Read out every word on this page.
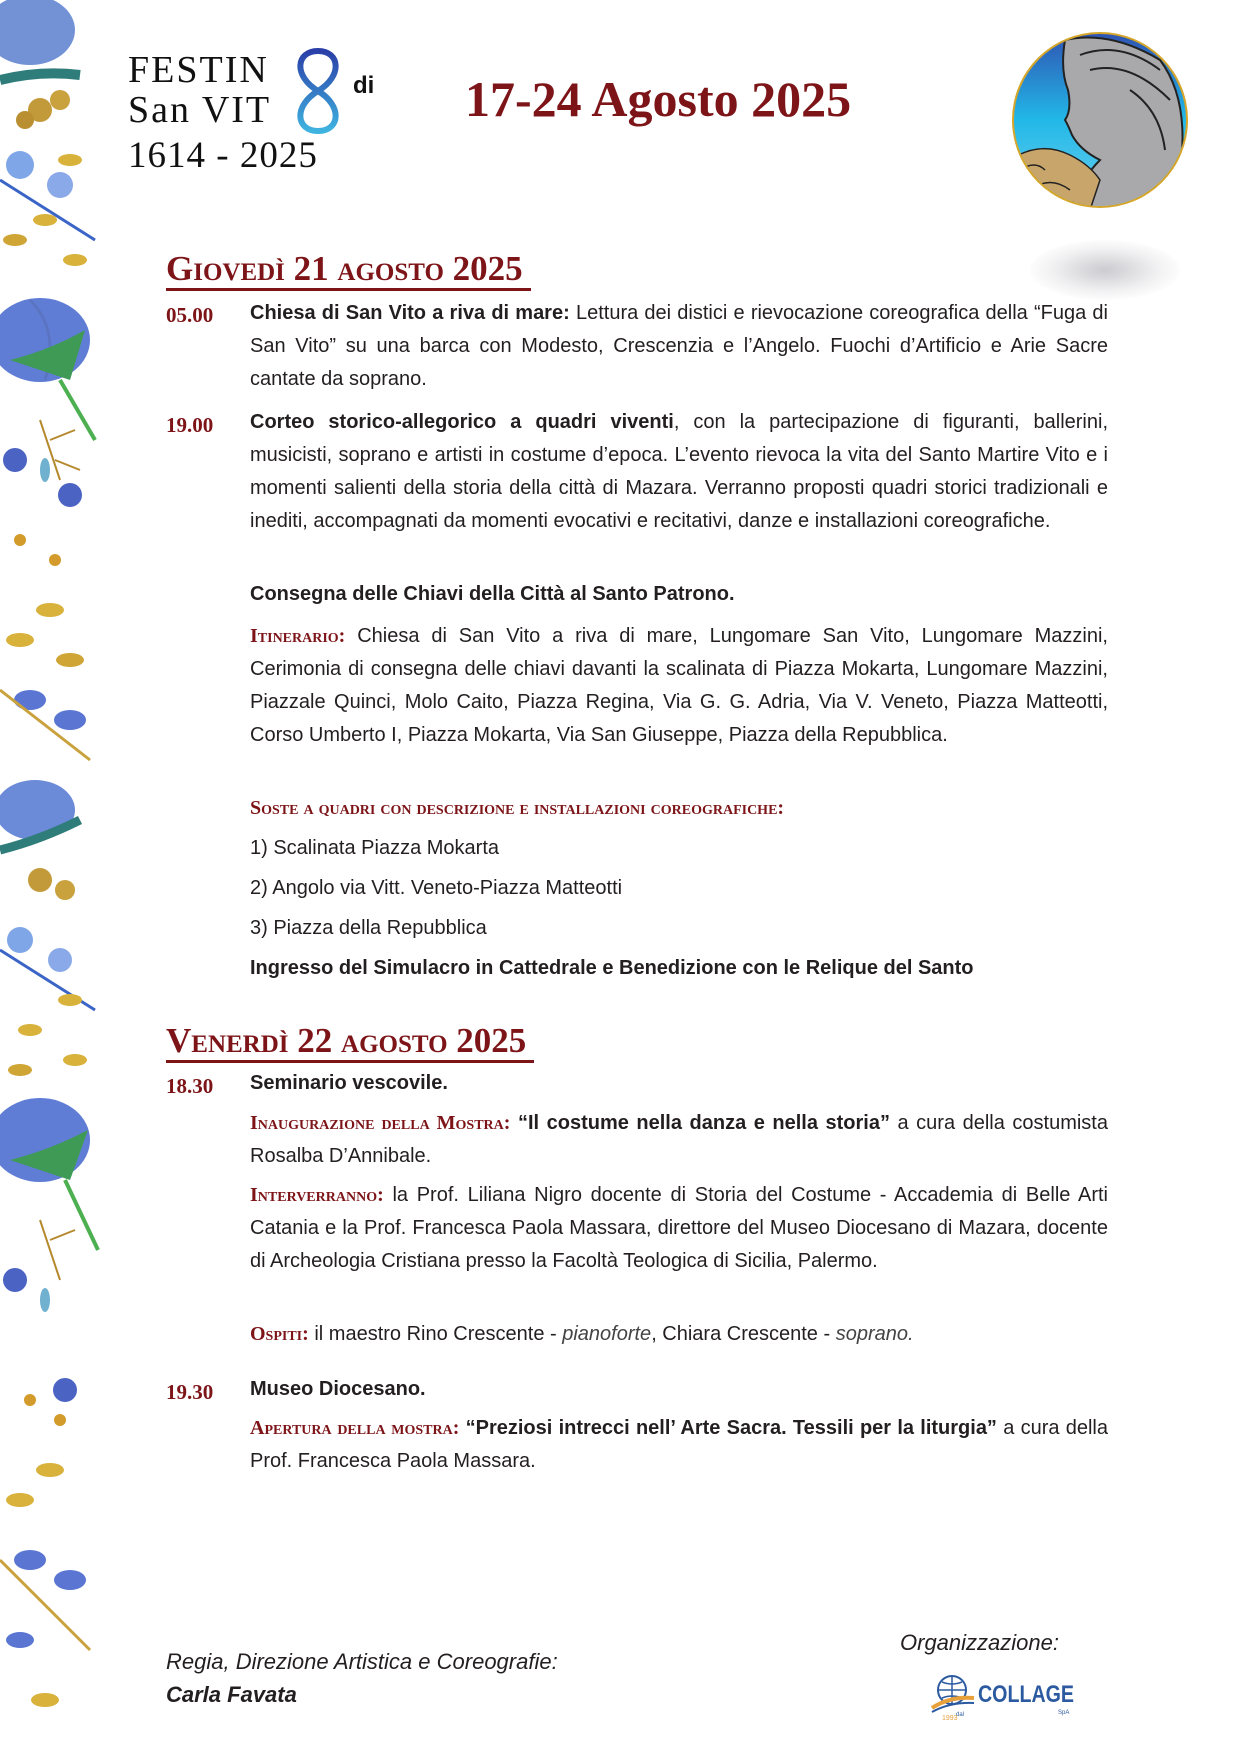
FESTIN
San VIT
di
1614 - 2025
17-24 Agosto 2025
Giovedì 21 agosto 2025
05.00 Chiesa di San Vito a riva di mare: Lettura dei distici e rievocazione coreografica della “Fuga di San Vito” su una barca con Modesto, Crescenzia e l’Angelo. Fuochi d’Artificio e Arie Sacre cantate da soprano.
19.00 Corteo storico-allegorico a quadri viventi, con la partecipazione di figuranti, ballerini, musicisti, soprano e artisti in costume d’epoca. L’evento rievoca la vita del Santo Martire Vito e i momenti salienti della storia della città di Mazara. Verranno proposti quadri storici tradizionali e inediti, accompagnati da momenti evocativi e recitativi, danze e installazioni coreografiche.
Consegna delle Chiavi della Città al Santo Patrono.
Itinerario: Chiesa di San Vito a riva di mare, Lungomare San Vito, Lungomare Mazzini, Cerimonia di consegna delle chiavi davanti la scalinata di Piazza Mokarta, Lungomare Mazzini, Piazzale Quinci, Molo Caito, Piazza Regina, Via G. G. Adria, Via V. Veneto, Piazza Matteotti, Corso Umberto I, Piazza Mokarta, Via San Giuseppe, Piazza della Repubblica.
Soste a quadri con descrizione e installazioni coreografiche:
1) Scalinata Piazza Mokarta
2) Angolo via Vitt. Veneto-Piazza Matteotti
3) Piazza della Repubblica
Ingresso del Simulacro in Cattedrale e Benedizione con le Relique del Santo
Venerdì 22 agosto 2025
18.30 Seminario vescovile.
Inaugurazione della Mostra: “Il costume nella danza e nella storia” a cura della costumista Rosalba D’Annibale.
Interverranno: la Prof. Liliana Nigro docente di Storia del Costume - Accademia di Belle Arti Catania e la Prof. Francesca Paola Massara, direttore del Museo Diocesano di Mazara, docente di Archeologia Cristiana presso la Facoltà Teologica di Sicilia, Palermo.
Ospiti: il maestro Rino Crescente - pianoforte, Chiara Crescente - soprano.
19.30 Museo Diocesano.
Apertura della mostra: “Preziosi intrecci nell’ Arte Sacra. Tessili per la liturgia” a cura della Prof. Francesca Paola Massara.
Regia, Direzione Artistica e Coreografie:
Carla Favata
Organizzazione:
dal
1993
COLLAGE
SpA
